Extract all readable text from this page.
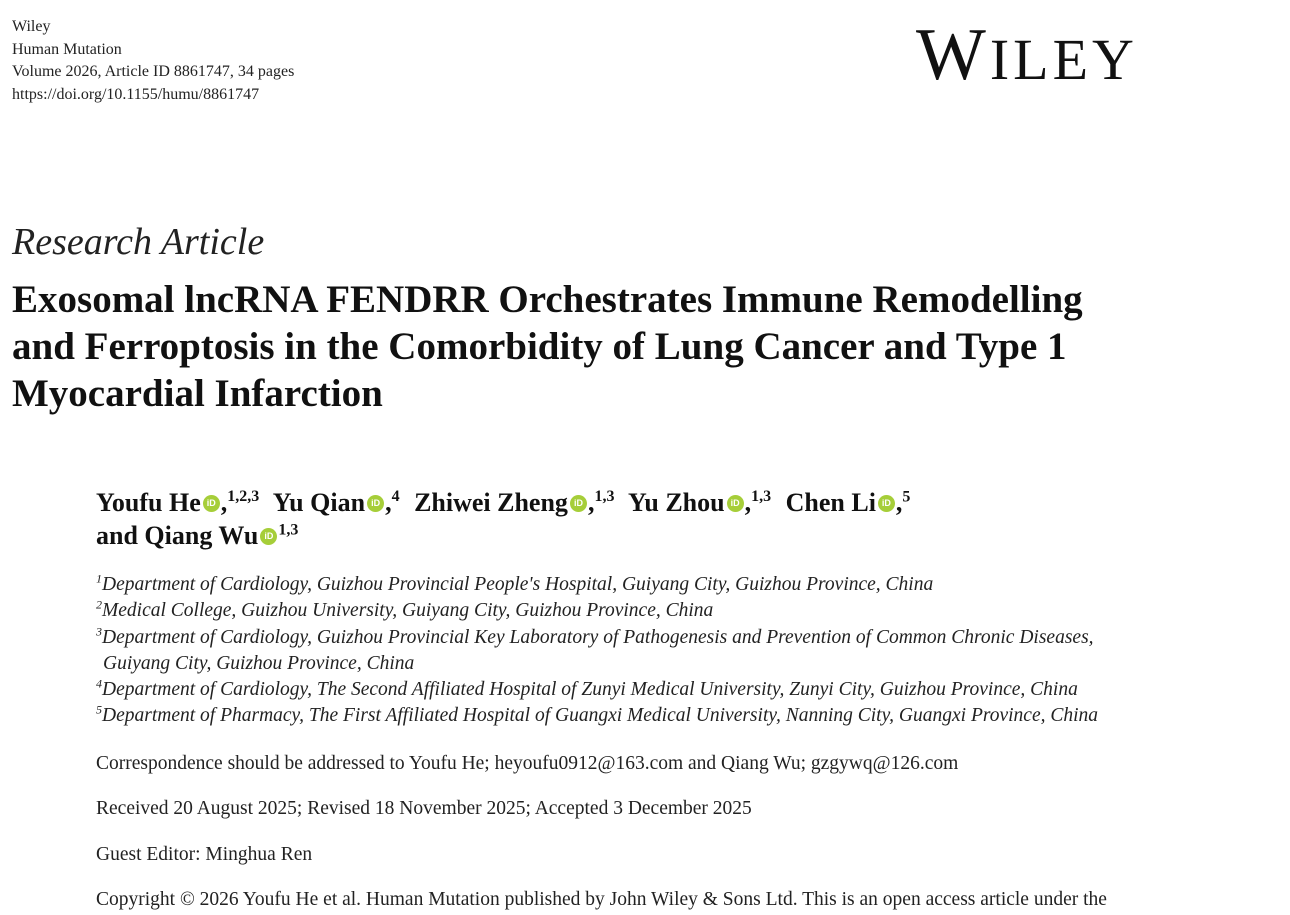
Wiley
Human Mutation
Volume 2026, Article ID 8861747, 34 pages
https://doi.org/10.1155/humu/8861747	WILEY
Research Article
Exosomal lncRNA FENDRR Orchestrates Immune Remodelling
and Ferroptosis in the Comorbidity of Lung Cancer and Type 1
Myocardial Infarction
Youfu He iD ,$^{1,2,3}$ Yu Qian iD ,$^4$ Zhiwei Zheng iD ,$^{1,3}$ Yu Zhou iD ,$^{1,3}$ Chen Li iD ,$^5$
and Qiang Wu iD $^{1,3}$
$^1$Department of Cardiology, Guizhou Provincial People's Hospital, Guiyang City, Guizhou Province, China
$^2$Medical College, Guizhou University, Guiyang City, Guizhou Province, China
$^3$Department of Cardiology, Guizhou Provincial Key Laboratory of Pathogenesis and Prevention of Common Chronic Diseases,
Guiyang City, Guizhou Province, China
$^4$Department of Cardiology, The Second Affiliated Hospital of Zunyi Medical University, Zunyi City, Guizhou Province, China
$^5$Department of Pharmacy, The First Affiliated Hospital of Guangxi Medical University, Nanning City, Guangxi Province, China
Correspondence should be addressed to Youfu He; heyoufu0912@163.com and Qiang Wu; gzgywq@126.com
Received 20 August 2025; Revised 18 November 2025; Accepted 3 December 2025
Guest Editor: Minghua Ren
Copyright © 2026 Youfu He et al. Human Mutation published by John Wiley & Sons Ltd. This is an open access article under the
